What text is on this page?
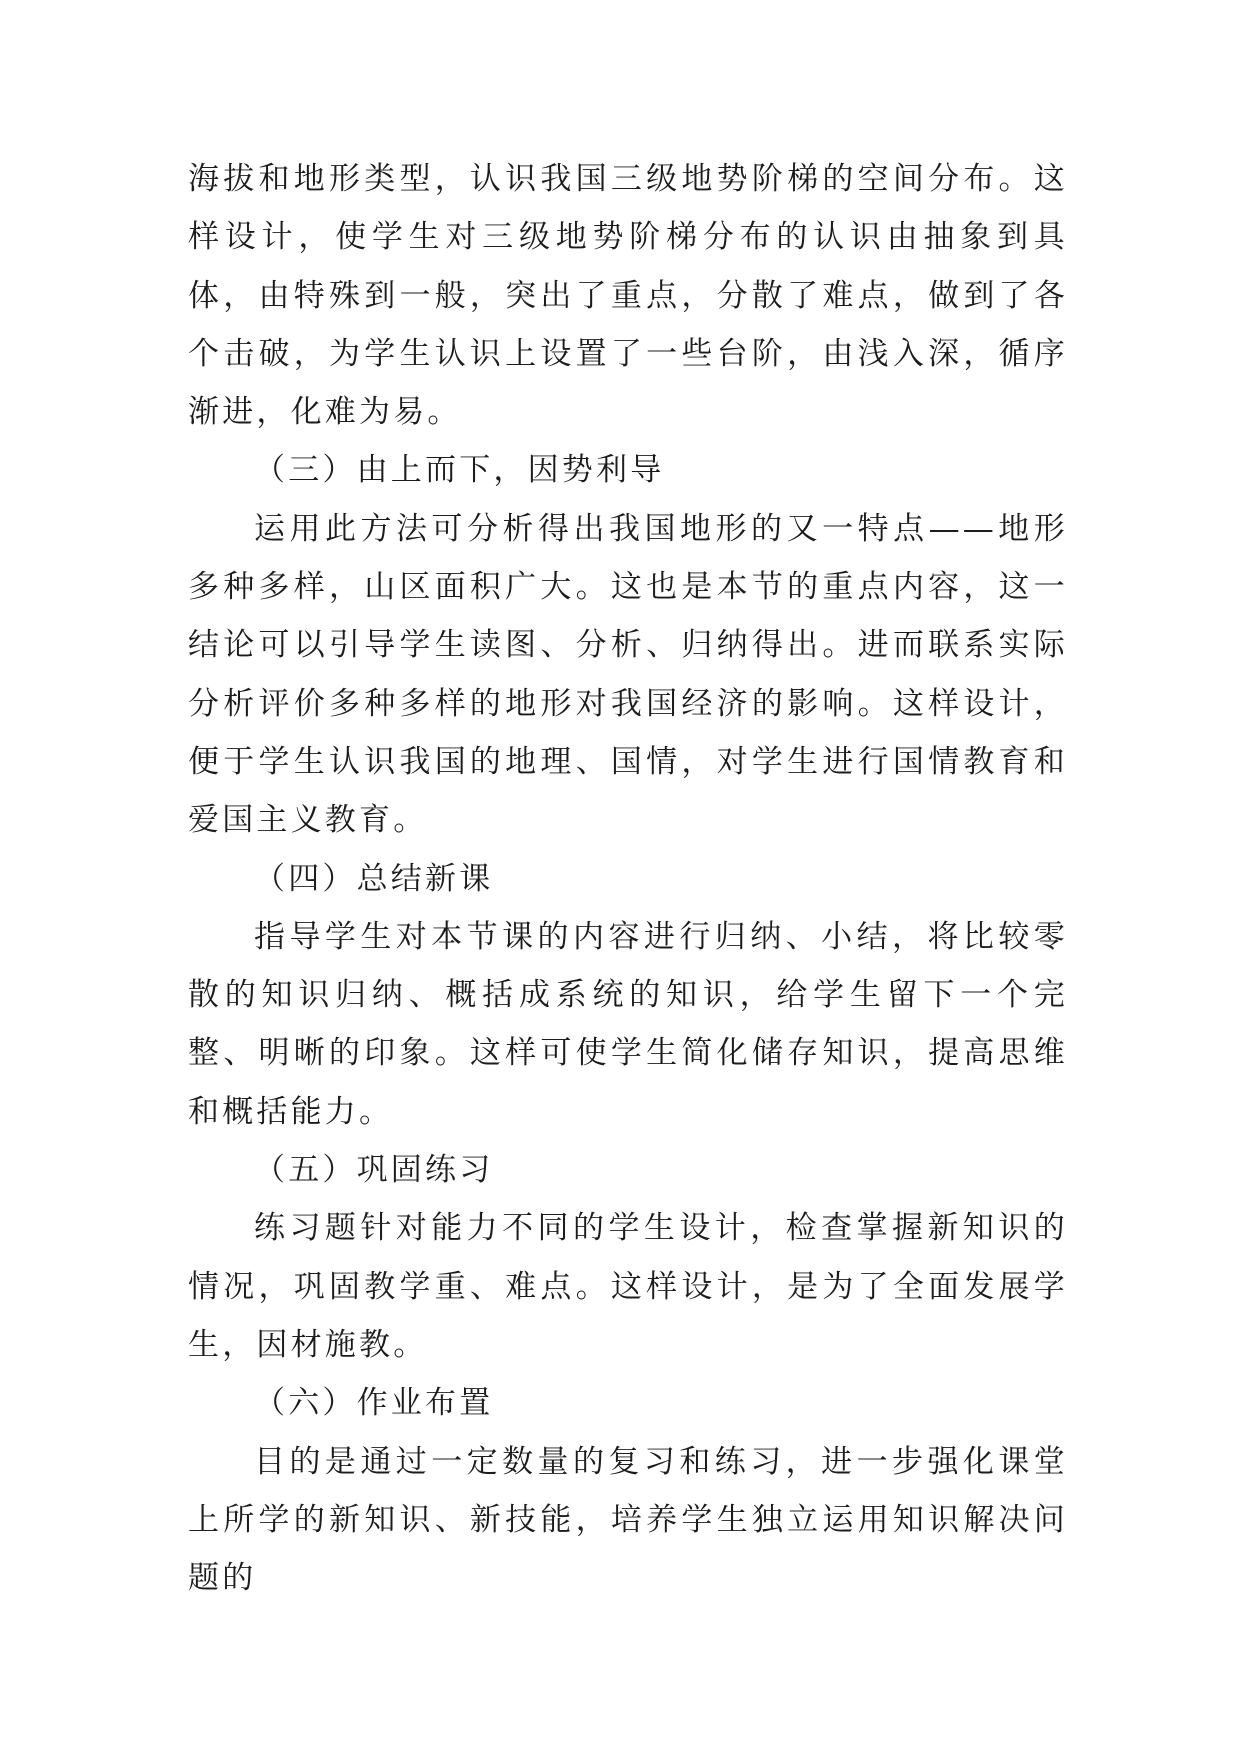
海拔和地形类型，认识我国三级地势阶梯的空间分布。这样设计，使学生对三级地势阶梯分布的认识由抽象到具体，由特殊到一般，突出了重点，分散了难点，做到了各个击破，为学生认识上设置了一些台阶，由浅入深，循序渐进，化难为易。

（三）由上而下，因势利导

运用此方法可分析得出我国地形的又一特点——地形多种多样，山区面积广大。这也是本节的重点内容，这一结论可以引导学生读图、分析、归纳得出。进而联系实际分析评价多种多样的地形对我国经济的影响。这样设计，便于学生认识我国的地理、国情，对学生进行国情教育和爱国主义教育。

（四）总结新课

指导学生对本节课的内容进行归纳、小结，将比较零散的知识归纳、概括成系统的知识，给学生留下一个完整、明晰的印象。这样可使学生简化储存知识，提高思维和概括能力。

（五）巩固练习

练习题针对能力不同的学生设计，检查掌握新知识的情况，巩固教学重、难点。这样设计，是为了全面发展学生，因材施教。

（六）作业布置

目的是通过一定数量的复习和练习，进一步强化课堂上所学的新知识、新技能，培养学生独立运用知识解决问题的
